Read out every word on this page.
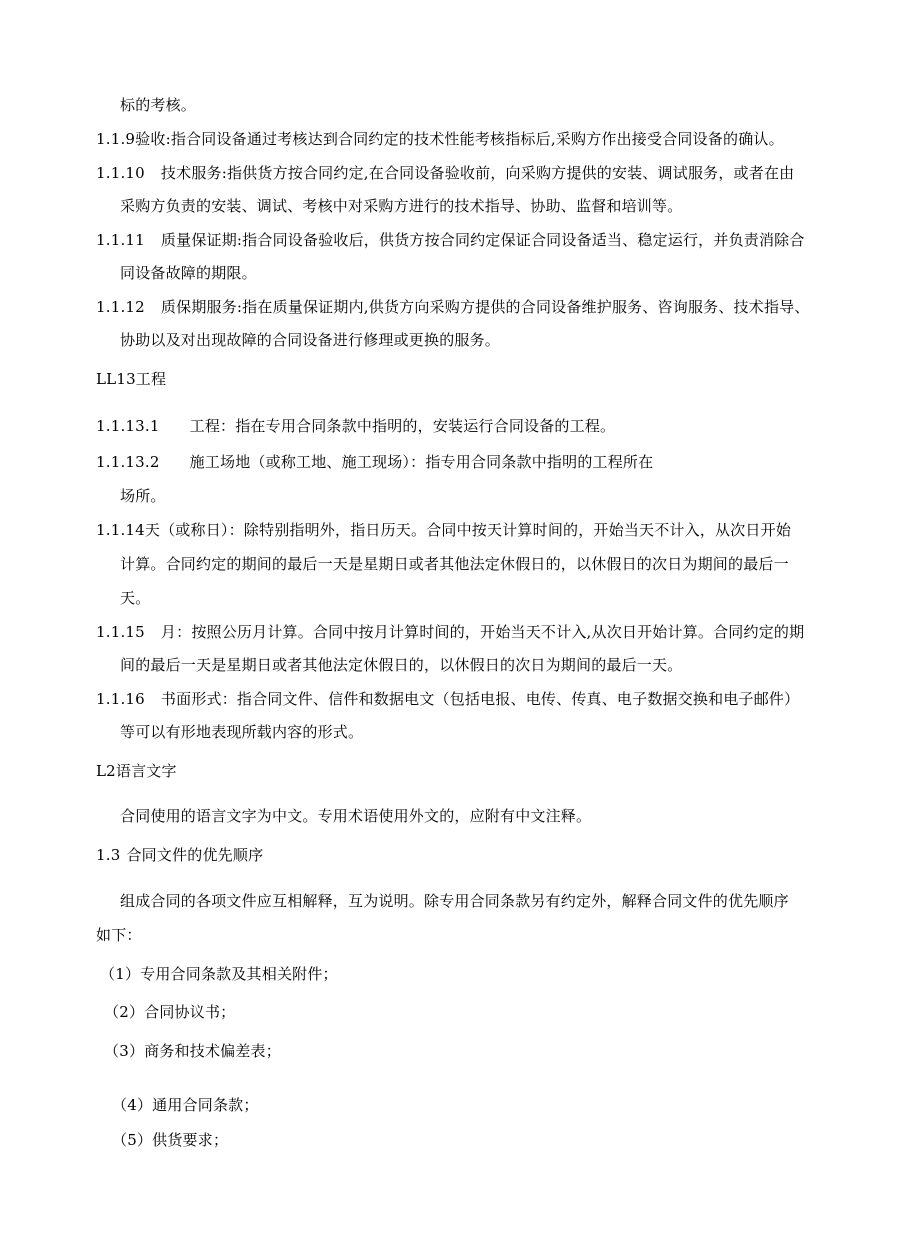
标的考核。
1.1.9验收:指合同设备通过考核达到合同约定的技术性能考核指标后,采购方作出接受合同设备的确认。
1.1.10 技术服务:指供货方按合同约定,在合同设备验收前，向采购方提供的安装、调试服务，或者在由
采购方负责的安装、调试、考核中对采购方进行的技术指导、协助、监督和培训等。
1.1.11 质量保证期:指合同设备验收后，供货方按合同约定保证合同设备适当、稳定运行，并负责消除合
同设备故障的期限。
1.1.12 质保期服务:指在质量保证期内,供货方向采购方提供的合同设备维护服务、咨询服务、技术指导、
协助以及对出现故障的合同设备进行修理或更换的服务。
LL13工程
1.1.13.1 工程：指在专用合同条款中指明的，安装运行合同设备的工程。
1.1.13.2 施工场地（或称工地、施工现场）：指专用合同条款中指明的工程所在
场所。
1.1.14天（或称日）：除特别指明外，指日历天。合同中按天计算时间的，开始当天不计入，从次日开始
计算。合同约定的期间的最后一天是星期日或者其他法定休假日的，以休假日的次日为期间的最后一
天。
1.1.15 月：按照公历月计算。合同中按月计算时间的，开始当天不计入,从次日开始计算。合同约定的期
间的最后一天是星期日或者其他法定休假日的，以休假日的次日为期间的最后一天。
1.1.16 书面形式：指合同文件、信件和数据电文（包括电报、电传、传真、电子数据交换和电子邮件）
等可以有形地表现所载内容的形式。
L2语言文字
合同使用的语言文字为中文。专用术语使用外文的，应附有中文注释。
1.3 合同文件的优先顺序
组成合同的各项文件应互相解释，互为说明。除专用合同条款另有约定外，解释合同文件的优先顺序
如下：
（1）专用合同条款及其相关附件；
（2）合同协议书；
（3）商务和技术偏差表；
（4）通用合同条款；
（5）供货要求；
